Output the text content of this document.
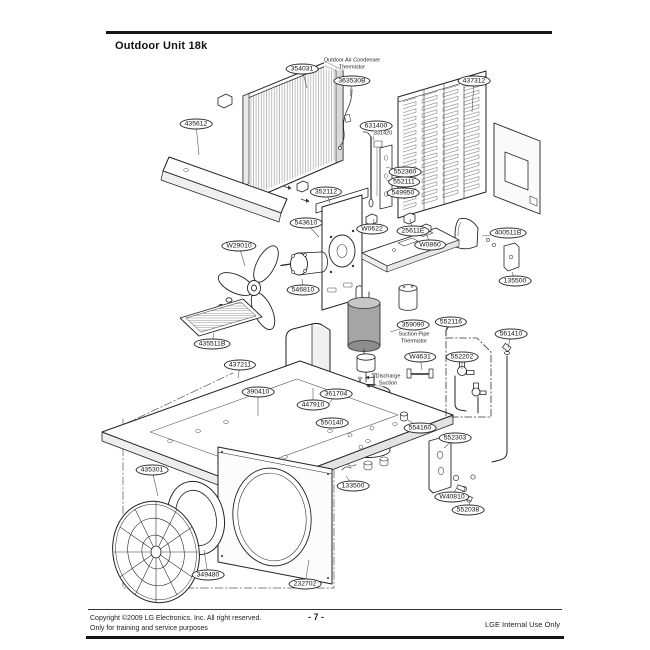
Outdoor Unit 18k
354031
363530B	437312
435612	631400
552360
552111
549950
352112
543610
W0622	25611E
W0860
W29010
400511B
135500
546810
435511B
552116
359090
561410
W4631	552202
437211
390410	361704
447910
550140
554160
552303
435301
133500
W40810
552038
349480
232702
Outdoor Air Condenser
Thermistor
331420
Suction Pipe
Thermistor
Discharge
Suction
Copyright ©2009 LG Electronics. Inc. All right reserved.
Only for training and service purposes
- 7 -
LGE Internal Use Only
